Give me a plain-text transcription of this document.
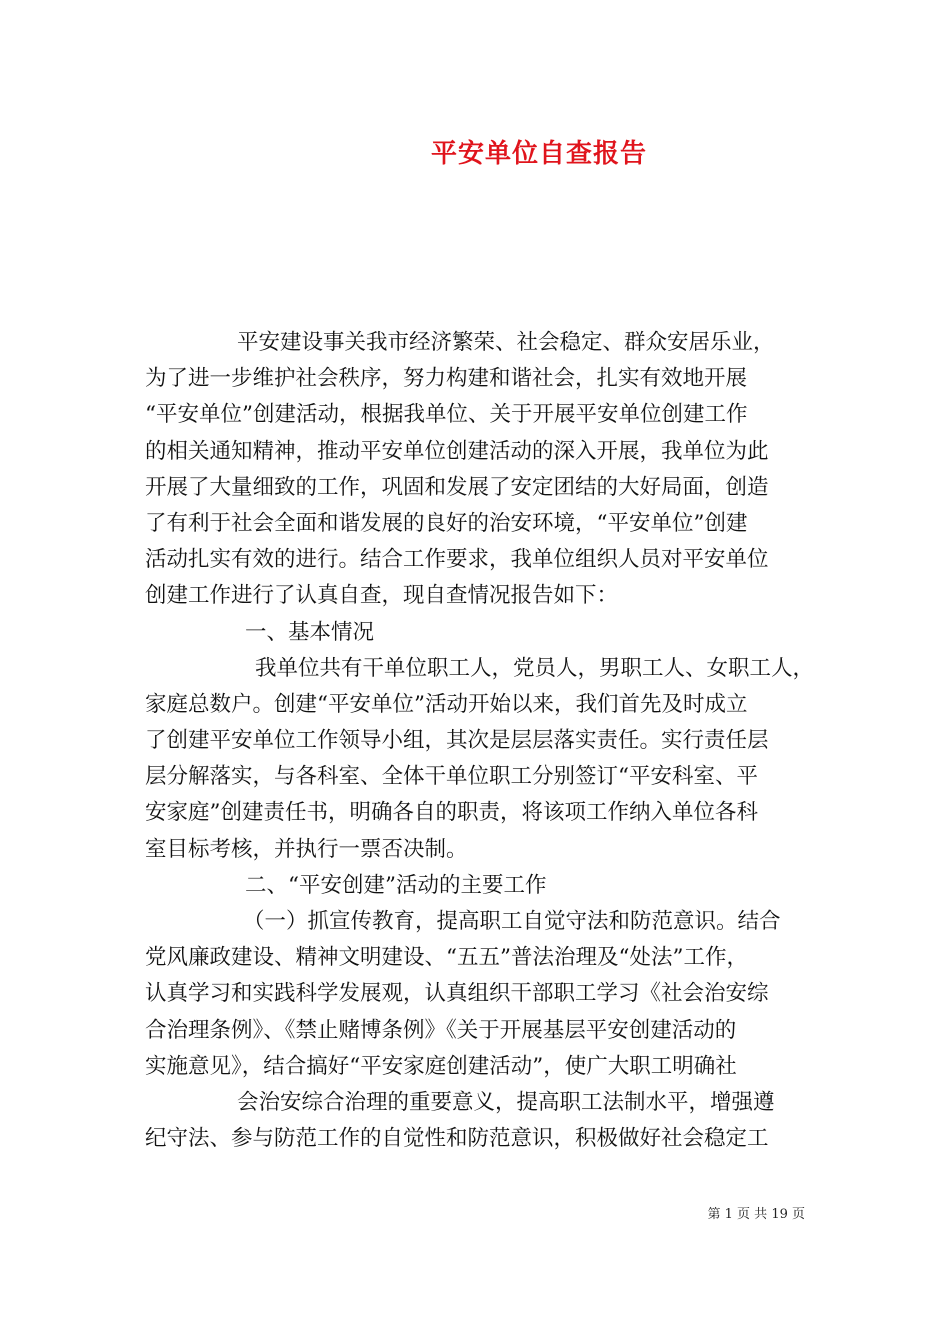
平安单位自查报告
平安建设事关我市经济繁荣、社会稳定、群众安居乐业，
为了进一步维护社会秩序，努力构建和谐社会，扎实有效地开展
“平安单位”创建活动，根据我单位、关于开展平安单位创建工作
的相关通知精神，推动平安单位创建活动的深入开展，我单位为此
开展了大量细致的工作，巩固和发展了安定团结的大好局面，创造
了有利于社会全面和谐发展的良好的治安环境，“平安单位”创建
活动扎实有效的进行。结合工作要求，我单位组织人员对平安单位
创建工作进行了认真自查，现自查情况报告如下：
一、基本情况
我单位共有干单位职工人，党员人，男职工人、女职工人，
家庭总数户。创建“平安单位”活动开始以来，我们首先及时成立
了创建平安单位工作领导小组，其次是层层落实责任。实行责任层
层分解落实，与各科室、全体干单位职工分别签订“平安科室、平
安家庭”创建责任书，明确各自的职责，将该项工作纳入单位各科
室目标考核，并执行一票否决制。
二、“平安创建”活动的主要工作
（一）抓宣传教育，提高职工自觉守法和防范意识。结合
党风廉政建设、精神文明建设、“五五”普法治理及“处法”工作，
认真学习和实践科学发展观，认真组织干部职工学习《社会治安综
合治理条例》、《禁止赌博条例》《关于开展基层平安创建活动的
实施意见》，结合搞好“平安家庭创建活动”，使广大职工明确社
会治安综合治理的重要意义，提高职工法制水平，增强遵
纪守法、参与防范工作的自觉性和防范意识，积极做好社会稳定工
第 1 页 共 19 页
